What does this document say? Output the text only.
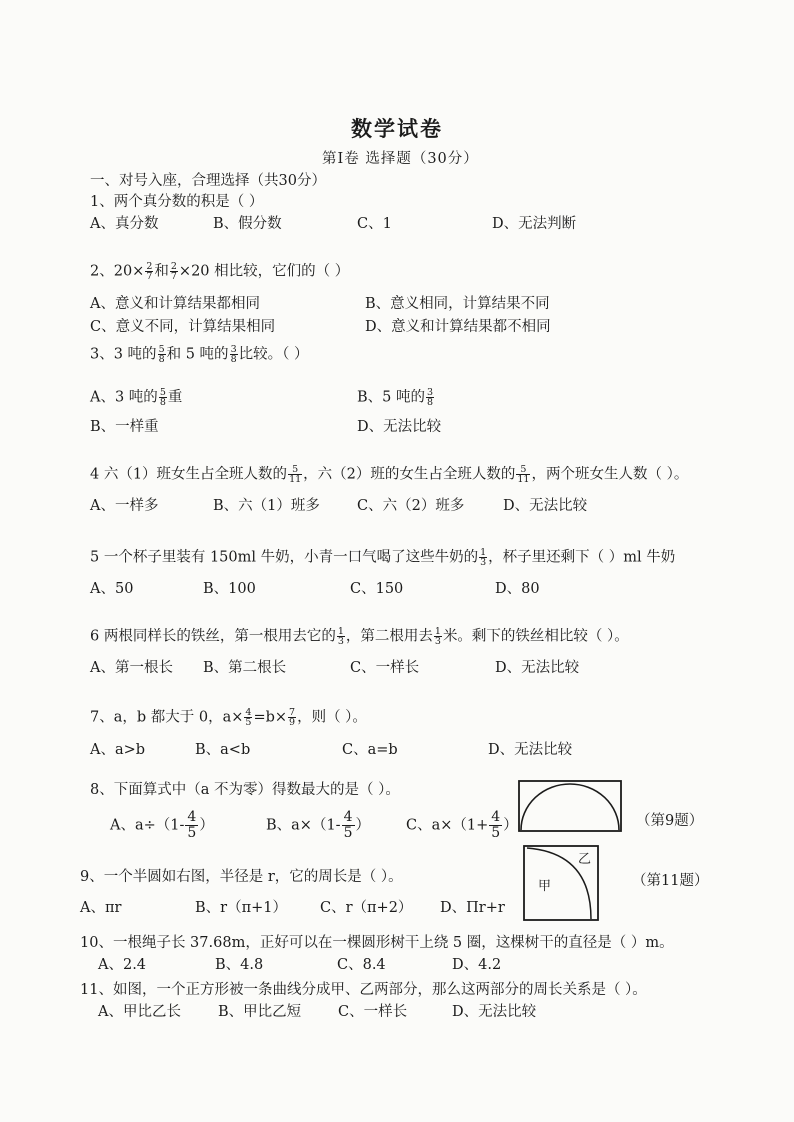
数学试卷
第Ⅰ卷 选择题（30分）
一、对号入座，合理选择（共30分）
1、两个真分数的积是（ ）
A、真分数	B、假分数	C、1	D、无法判断
2、$20\times \frac{2}{7}$ 和 $\frac{2}{7} \times 20$ 相比较，它们的（ ）
A、意义和计算结果都相同	B、意义相同，计算结果不同
C、意义不同，计算结果相同	D、意义和计算结果都不相同
3、3 吨的 $\frac{5}{8}$ 和 5 吨的 $\frac{3}{8}$ 比较。（ ）
A、3 吨的 $\frac{5}{8}$ 重	B、5 吨的 $\frac{3}{8}$
B、一样重	D、无法比较
4 六（1）班女生占全班人数的 $\frac{5}{11}$ ，六（2）班的女生占全班人数的 $\frac{5}{11}$ ，两个班女生人数（ ）。
A、一样多	B、六（1）班多	C、六（2）班多	D、无法比较
5 一个杯子里装有 150ml 牛奶，小青一口气喝了这些牛奶的 $\frac{1}{3}$ ，杯子里还剩下（ ）ml 牛奶
A、50	B、100	C、150	D、80
6 两根同样长的铁丝，第一根用去它的 $\frac{1}{3}$ ，第二根用去 $\frac{1}{3}$ 米。剩下的铁丝相比较（ ）。
A、第一根长 B、第二根长	C、一样长	D、无法比较
7、a，b 都大于 0，$a\times \frac{4}{5} =b\times \frac{7}{9}$ ，则（ ）。
A、a>b	B、a<b	C、a=b	D、无法比较
8、下面算式中（a 不为零）得数最大的是（ ）。
A、$a\div(1- \frac{4}{5}$ ）	B、$a\times(1- \frac{4}{5}$ ） C、$a\times(1+ \frac{4}{5}$ ）	（第9题）
9、一个半圆如右图，半径是 r，它的周长是（ ）。
A、πr	B、r（π+1） C、r（π+2） D、Πr+r
甲
乙
（第11题）
10、一根绳子长 37.68m，正好可以在一棵圆形树干上绕 5 圈，这棵树干的直径是（ ）m。
A、2.4	B、4.8	C、8.4	D、4.2
11、如图，一个正方形被一条曲线分成甲、乙两部分，那么这两部分的周长关系是（ ）。
A、甲比乙长	B、甲比乙短	C、一样长	D、无法比较
